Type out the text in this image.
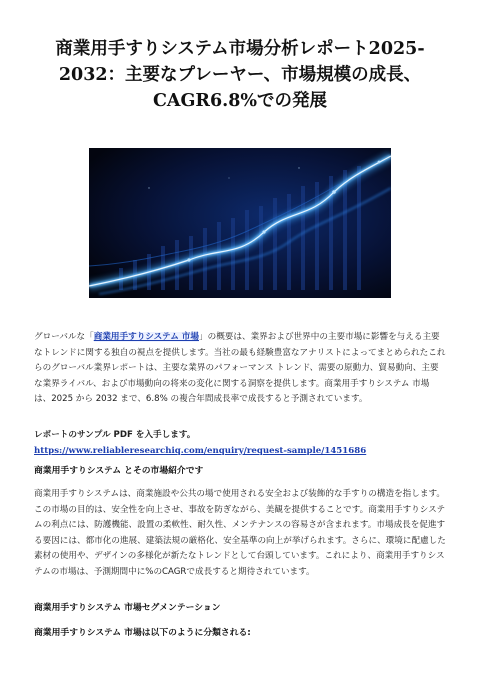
商業用手すりシステム市場分析レポート2025-2032：主要なプレーヤー、市場規模の成長、CAGR6.8%での発展

グローバルな「商業用手すりシステム 市場」の概要は、業界および世界中の主要市場に影響を与える主要なトレンドに関する独自の視点を提供します。当社の最も経験豊富なアナリストによってまとめられたこれらのグローバル業界レポートは、主要な業界のパフォーマンス トレンド、需要の原動力、貿易動向、主要な業界ライバル、および市場動向の将来の変化に関する洞察を提供します。商業用手すりシステム 市場は、2025 から 2032 まで、6.8% の複合年間成長率で成長すると予測されています。

レポートのサンプル PDF を入手します。 https://www.reliableresearchiq.com/enquiry/request-sample/1451686

商業用手すりシステム とその市場紹介です

商業用手すりシステムは、商業施設や公共の場で使用される安全および装飾的な手すりの構造を指します。この市場の目的は、安全性を向上させ、事故を防ぎながら、美観を提供することです。商業用手すりシステムの利点には、防護機能、設置の柔軟性、耐久性、メンテナンスの容易さが含まれます。市場成長を促進する要因には、都市化の進展、建築法規の厳格化、安全基準の向上が挙げられます。さらに、環境に配慮した素材の使用や、デザインの多様化が新たなトレンドとして台頭しています。これにより、商業用手すりシステムの市場は、予測期間中に%のCAGRで成長すると期待されています。

商業用手すりシステム 市場セグメンテーション
商業用手すりシステム 市場は以下のように分類される:
